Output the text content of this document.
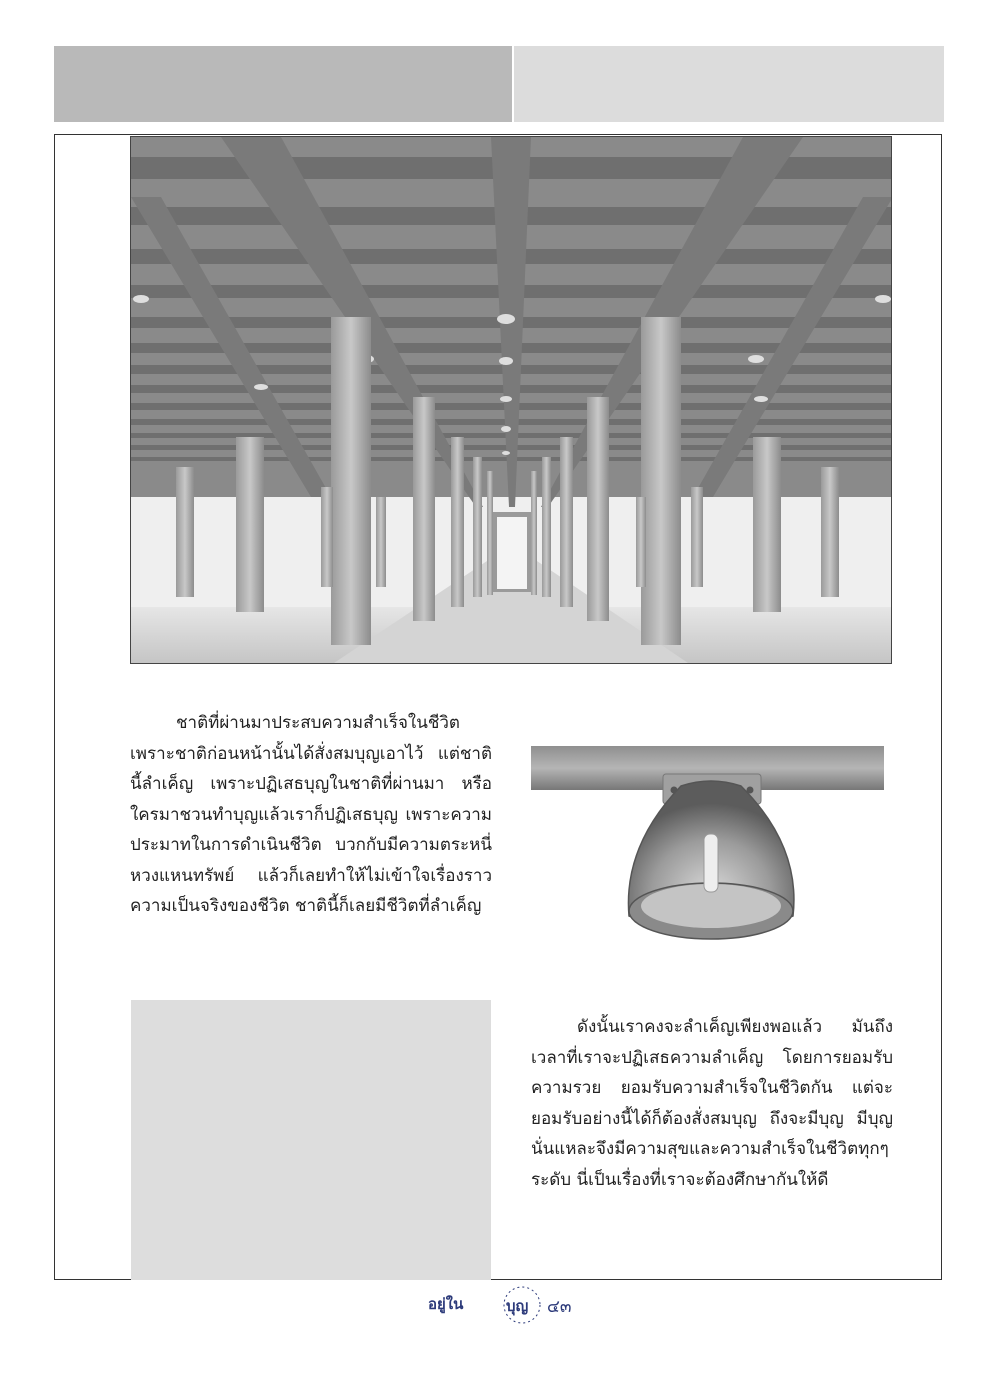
ชาติที่ผ่านมาประสบความสำเร็จในชีวิต เพราะชาติก่อนหน้านั้นได้สั่งสมบุญเอาไว้ แต่ชาตินี้ลำเค็ญ เพราะปฏิเสธบุญในชาติที่ผ่านมา หรือใครมาชวนทำบุญแล้วเราก็ปฏิเสธบุญ เพราะความประมาทในการดำเนินชีวิต บวกกับมีความตระหนี่หวงแหนทรัพย์ แล้วก็เลยทำให้ไม่เข้าใจเรื่องราวความเป็นจริงของชีวิต ชาตินี้ก็เลยมีชีวิตที่ลำเค็ญ
ดังนั้นเราคงจะลำเค็ญเพียงพอแล้ว มันถึงเวลาที่เราจะปฏิเสธความลำเค็ญ โดยการยอมรับความรวย ยอมรับความสำเร็จในชีวิตกัน แต่จะยอมรับอย่างนี้ได้ก็ต้องสั่งสมบุญ ถึงจะมีบุญ มีบุญนั่นแหละจึงมีความสุขและความสำเร็จในชีวิตทุกๆระดับ นี่เป็นเรื่องที่เราจะต้องศึกษากันให้ดี
อยู่ใน	บุญ ๔๓
